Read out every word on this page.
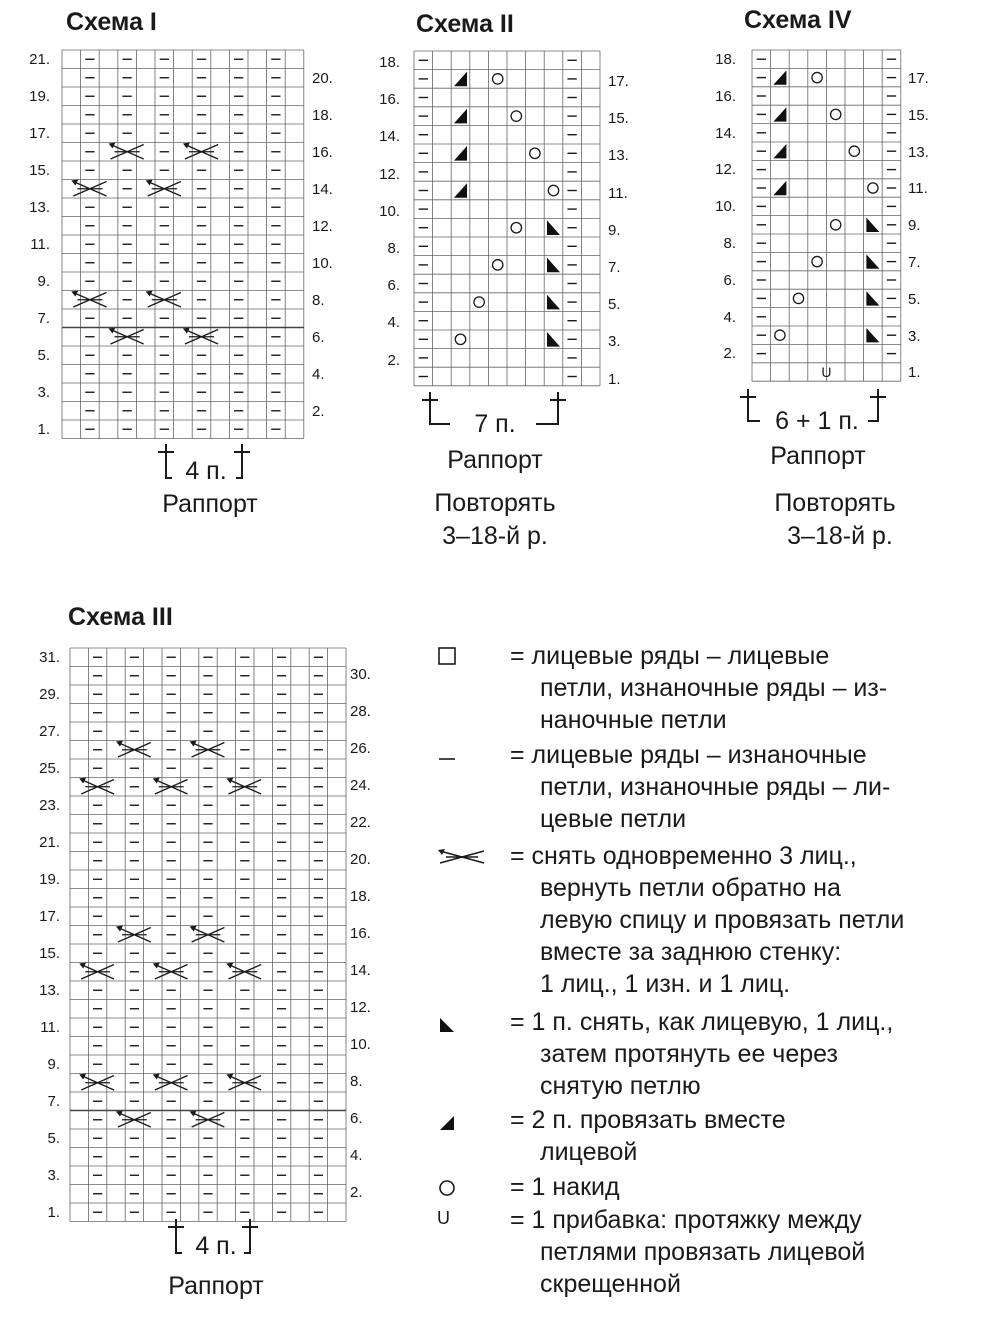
Схема I
21.
19.
17.
15.
13.
11.
9.
7.
5.
3.
1.
20.
18.
16.
14.
12.
10.
8.
6.
4.
2.
4 п.
Раппорт
Схема II
18.
16.
14.
12.
10.
8.
6.
4.
2.
17.
15.
13.
11.
9.
7.
5.
3.
1.
7 п.
Раппорт
Повторять
3–18-й р.
Схема IV
U
18.
16.
14.
12.
10.
8.
6.
4.
2.
17.
15.
13.
11.
9.
7.
5.
3.
1.
6 + 1 п.
Раппорт
Повторять
3–18-й р.
Схема III
31.
29.
27.
25.
23.
21.
19.
17.
15.
13.
11.
9.
7.
5.
3.
1.
30.
28.
26.
24.
22.
20.
18.
16.
14.
12.
10.
8.
6.
4.
2.
4 п.
Раппорт
= лицевые ряды – лицевые
петли, изнаночные ряды – из-
наночные петли
= лицевые ряды – изнаночные
петли, изнаночные ряды – ли-
цевые петли
= снять одновременно 3 лиц.,
вернуть петли обратно на
левую спицу и провязать петли
вместе за заднюю стенку:
1 лиц., 1 изн. и 1 лиц.
= 1 п. снять, как лицевую, 1 лиц.,
затем протянуть ее через
снятую петлю
= 2 п. провязать вместе
лицевой
= 1 накид
U	= 1 прибавка: протяжку между
петлями провязать лицевой
скрещенной
